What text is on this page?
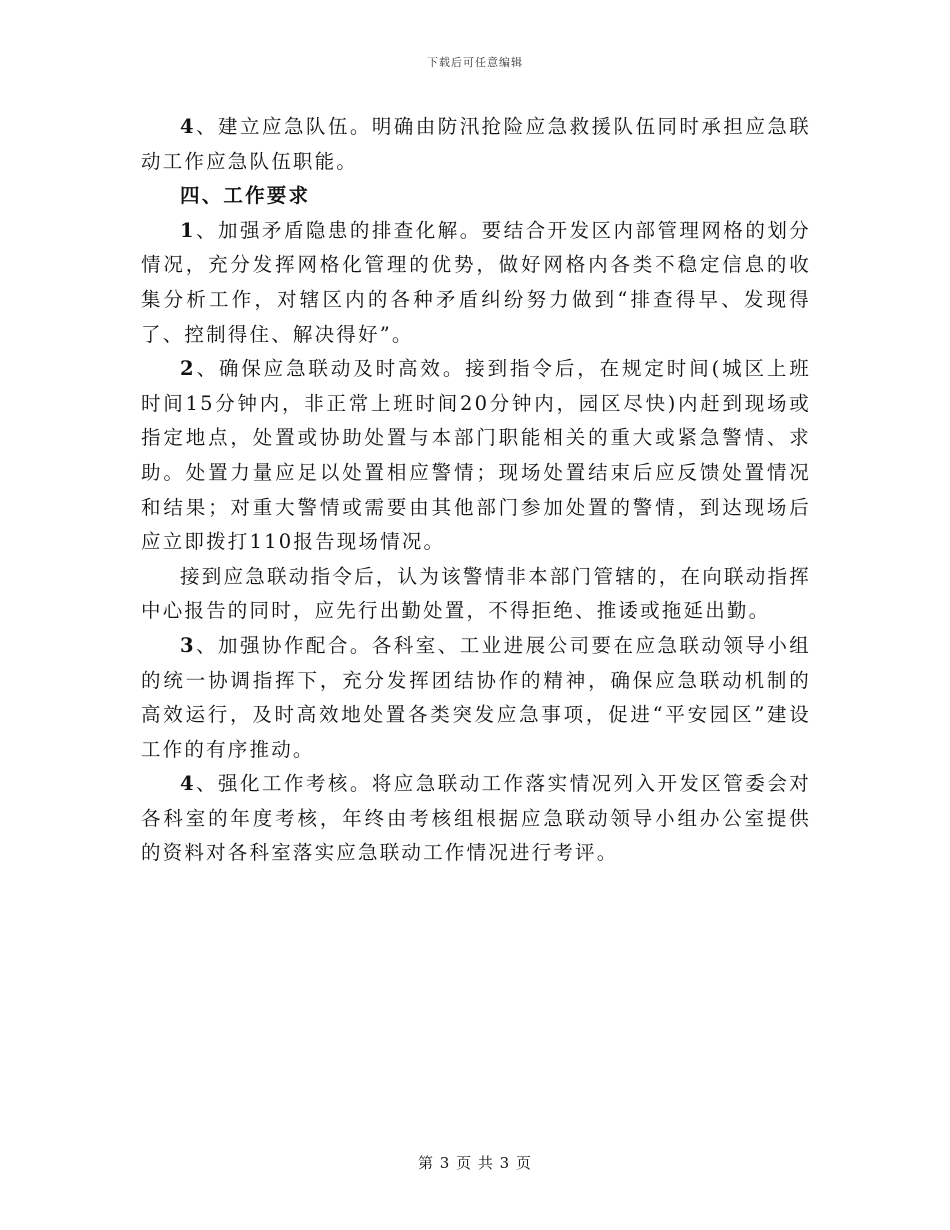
下载后可任意编辑

4、建立应急队伍。明确由防汛抢险应急救援队伍同时承担应急联动工作应急队伍职能。

四、工作要求

1、加强矛盾隐患的排查化解。要结合开发区内部管理网格的划分情况，充分发挥网格化管理的优势，做好网格内各类不稳定信息的收集分析工作，对辖区内的各种矛盾纠纷努力做到“排查得早、发现得了、控制得住、解决得好”。

2、确保应急联动及时高效。接到指令后，在规定时间(城区上班时间15分钟内，非正常上班时间20分钟内，园区尽快)内赶到现场或指定地点，处置或协助处置与本部门职能相关的重大或紧急警情、求助。处置力量应足以处置相应警情；现场处置结束后应反馈处置情况和结果；对重大警情或需要由其他部门参加处置的警情，到达现场后应立即拨打110报告现场情况。

接到应急联动指令后，认为该警情非本部门管辖的，在向联动指挥中心报告的同时，应先行出勤处置，不得拒绝、推诿或拖延出勤。

3、加强协作配合。各科室、工业进展公司要在应急联动领导小组的统一协调指挥下，充分发挥团结协作的精神，确保应急联动机制的高效运行，及时高效地处置各类突发应急事项，促进“平安园区”建设工作的有序推动。

4、强化工作考核。将应急联动工作落实情况列入开发区管委会对各科室的年度考核，年终由考核组根据应急联动领导小组办公室提供的资料对各科室落实应急联动工作情况进行考评。

第 3 页 共 3 页
